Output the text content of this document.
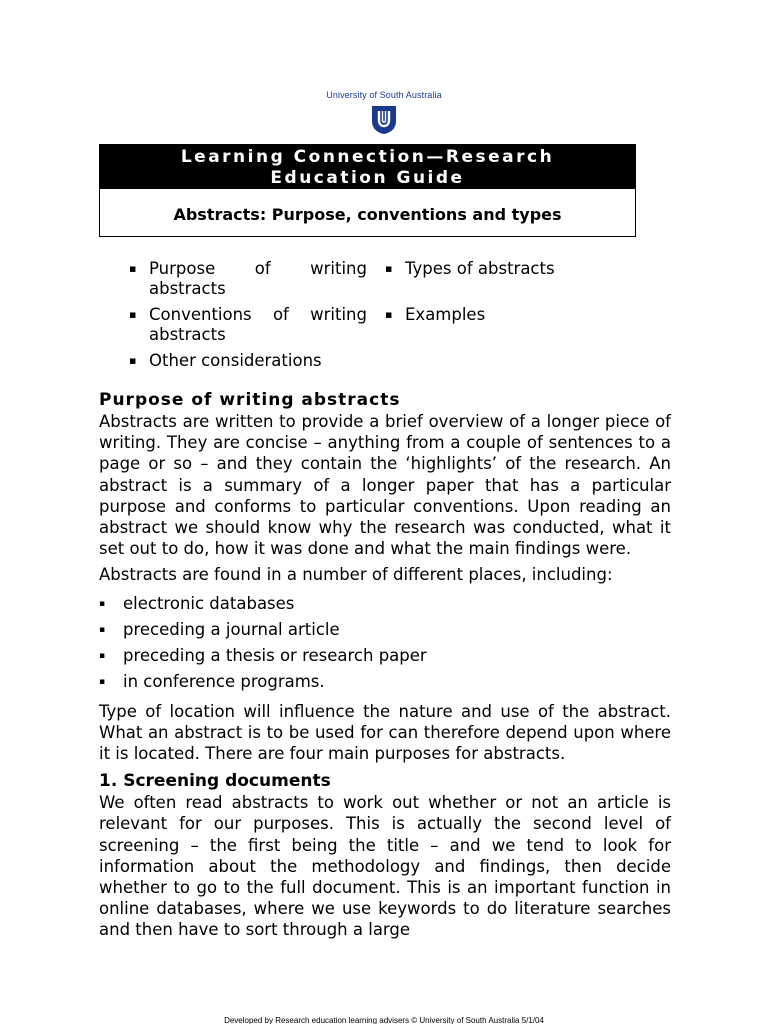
University of South Australia
Learning Connection—Research
Education Guide
Abstracts: Purpose, conventions and types
▪ Purpose of writing
abstracts
▪ Conventions of writing
abstracts
▪ Other considerations
▪ Types of abstracts
▪ Examples
Purpose of writing abstracts

Abstracts are written to provide a brief overview of a longer piece of writing. They are concise – anything from a couple of sentences to a page or so – and they contain the ‘highlights’ of the research. An abstract is a summary of a longer paper that has a particular purpose and conforms to particular conventions. Upon reading an abstract we should know why the research was conducted, what it set out to do, how it was done and what the main findings were.

Abstracts are found in a number of different places, including:

▪	electronic databases
▪	preceding a journal article
▪	preceding a thesis or research paper
▪	in conference programs.

Type of location will influence the nature and use of the abstract. What an abstract is to be used for can therefore depend upon where it is located. There are four main purposes for abstracts.

1. Screening documents

We often read abstracts to work out whether or not an article is relevant for our purposes. This is actually the second level of screening – the first being the title – and we tend to look for information about the methodology and findings, then decide whether to go to the full document. This is an important function in online databases, where we use keywords to do literature searches and then have to sort through a large

Developed by Research education learning advisers © University of South Australia 5/1/04
